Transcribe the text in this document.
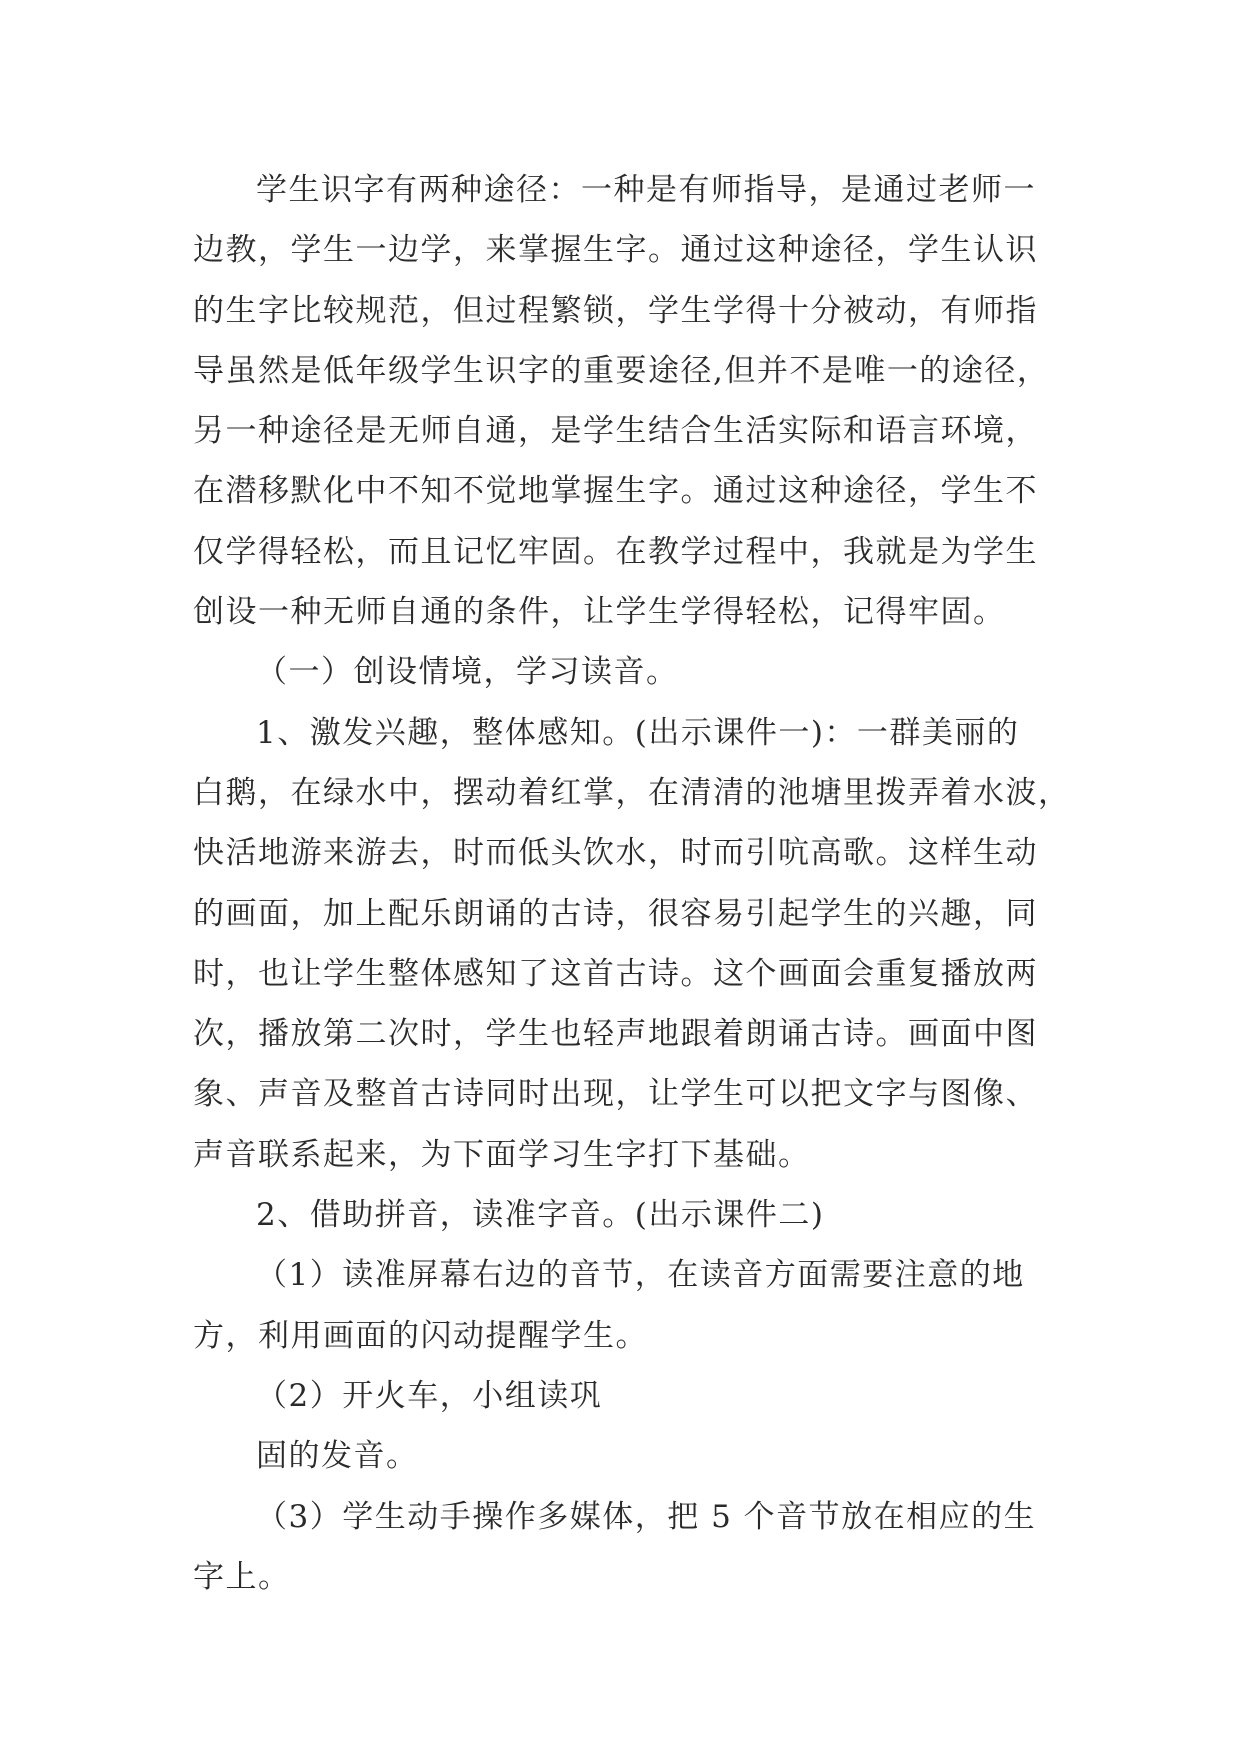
学生识字有两种途径：一种是有师指导，是通过老师一
边教，学生一边学，来掌握生字。通过这种途径，学生认识
的生字比较规范，但过程繁锁，学生学得十分被动，有师指
导虽然是低年级学生识字的重要途径,但并不是唯一的途径，
另一种途径是无师自通，是学生结合生活实际和语言环境，
在潜移默化中不知不觉地掌握生字。通过这种途径，学生不
仅学得轻松，而且记忆牢固。在教学过程中，我就是为学生
创设一种无师自通的条件，让学生学得轻松，记得牢固。
（一）创设情境，学习读音。
1、激发兴趣，整体感知。(出示课件一)：一群美丽的
白鹅，在绿水中，摆动着红掌，在清清的池塘里拨弄着水波，
快活地游来游去，时而低头饮水，时而引吭高歌。这样生动
的画面，加上配乐朗诵的古诗，很容易引起学生的兴趣，同
时，也让学生整体感知了这首古诗。这个画面会重复播放两
次，播放第二次时，学生也轻声地跟着朗诵古诗。画面中图
象、声音及整首古诗同时出现，让学生可以把文字与图像、
声音联系起来，为下面学习生字打下基础。
2、借助拼音，读准字音。(出示课件二)
（1）读准屏幕右边的音节，在读音方面需要注意的地
方，利用画面的闪动提醒学生。
（2）开火车，小组读巩
固的发音。
（3）学生动手操作多媒体，把 5 个音节放在相应的生
字上。
